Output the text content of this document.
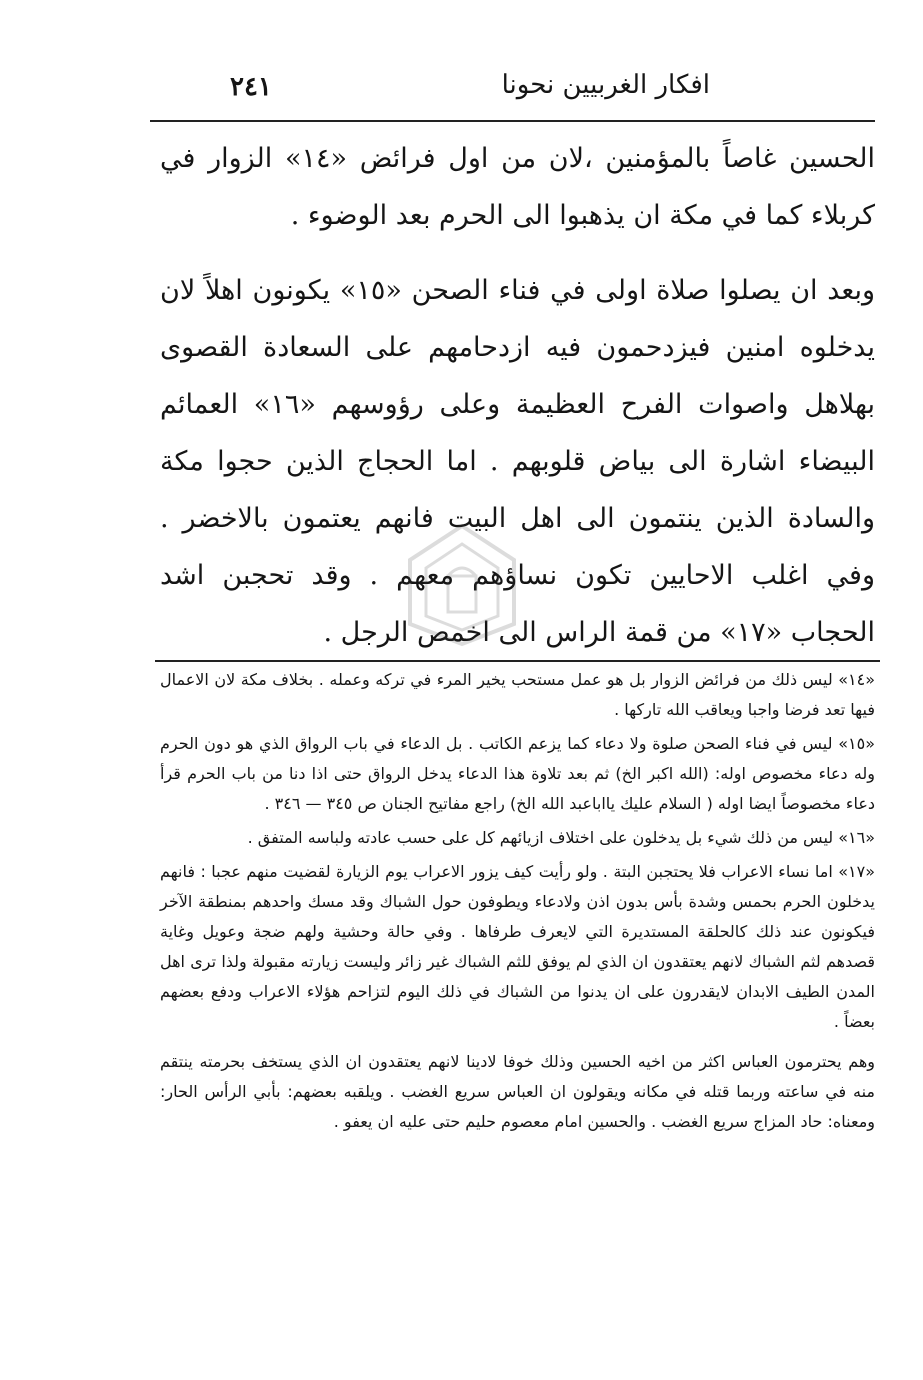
افكار الغربيين نحونا
٢٤١

الحسين غاصاً بالمؤمنين ،لان من اول فرائض «١٤» الزوار في كربلاء كما في مكة ان يذهبوا الى الحرم بعد الوضوء .

وبعد ان يصلوا صلاة اولى في فناء الصحن «١٥» يكونون اهلاً لان يدخلوه امنين فيزدحمون فيه ازدحامهم على السعادة القصوى بهلاهل واصوات الفرح العظيمة وعلى رؤوسهم «١٦» العمائم البيضاء اشارة الى بياض قلوبهم . اما الحجاج الذين حجوا مكة والسادة الذين ينتمون الى اهل البيت فانهم يعتمون بالاخضر . وفي اغلب الاحايين تكون نساؤهم معهم . وقد تحجبن اشد الحجاب «١٧» من قمة الراس الى اخمص الرجل .

«١٤» ليس ذلك من فرائض الزوار بل هو عمل مستحب يخير المرء في تركه وعمله . بخلاف مكة لان الاعمال فيها تعد فرضا واجبا ويعاقب الله تاركها .

«١٥» ليس في فناء الصحن صلوة ولا دعاء كما يزعم الكاتب . بل الدعاء في باب الرواق الذي هو دون الحرم وله دعاء مخصوص اوله: (الله اكبر الخ) ثم بعد تلاوة هذا الدعاء يدخل الرواق حتى اذا دنا من باب الحرم قرأ دعاء مخصوصاً ايضا اوله ( السلام عليك يااباعبد الله الخ) راجع مفاتيح الجنان ص ٣٤٥ — ٣٤٦ .

«١٦» ليس من ذلك شيء بل يدخلون على اختلاف ازيائهم كل على حسب عادته ولباسه المتفق .

«١٧» اما نساء الاعراب فلا يحتجبن البتة . ولو رأيت كيف يزور الاعراب يوم الزيارة لقضيت منهم عجبا : فانهم يدخلون الحرم بحمس وشدة بأس بدون اذن ولادعاء ويطوفون حول الشباك وقد مسك واحدهم بمنطقة الآخر فيكونون عند ذلك كالحلقة المستديرة التي لايعرف طرفاها . وفي حالة وحشية ولهم ضجة وعويل وغاية قصدهم لثم الشباك لانهم يعتقدون ان الذي لم يوفق للثم الشباك غير زائر وليست زيارته مقبولة ولذا ترى اهل المدن الطيف الابدان لايقدرون على ان يدنوا من الشباك في ذلك اليوم لتزاحم هؤلاء الاعراب ودفع بعضهم بعضاً .

وهم يحترمون العباس اكثر من اخيه الحسين وذلك خوفا لادينا لانهم يعتقدون ان الذي يستخف بحرمته ينتقم منه في ساعته وربما قتله في مكانه ويقولون ان العباس سريع الغضب . ويلقبه بعضهم: بأبي الرأس الحار: ومعناه: حاد المزاج سريع الغضب . والحسين امام معصوم حليم حتى عليه ان يعفو .
